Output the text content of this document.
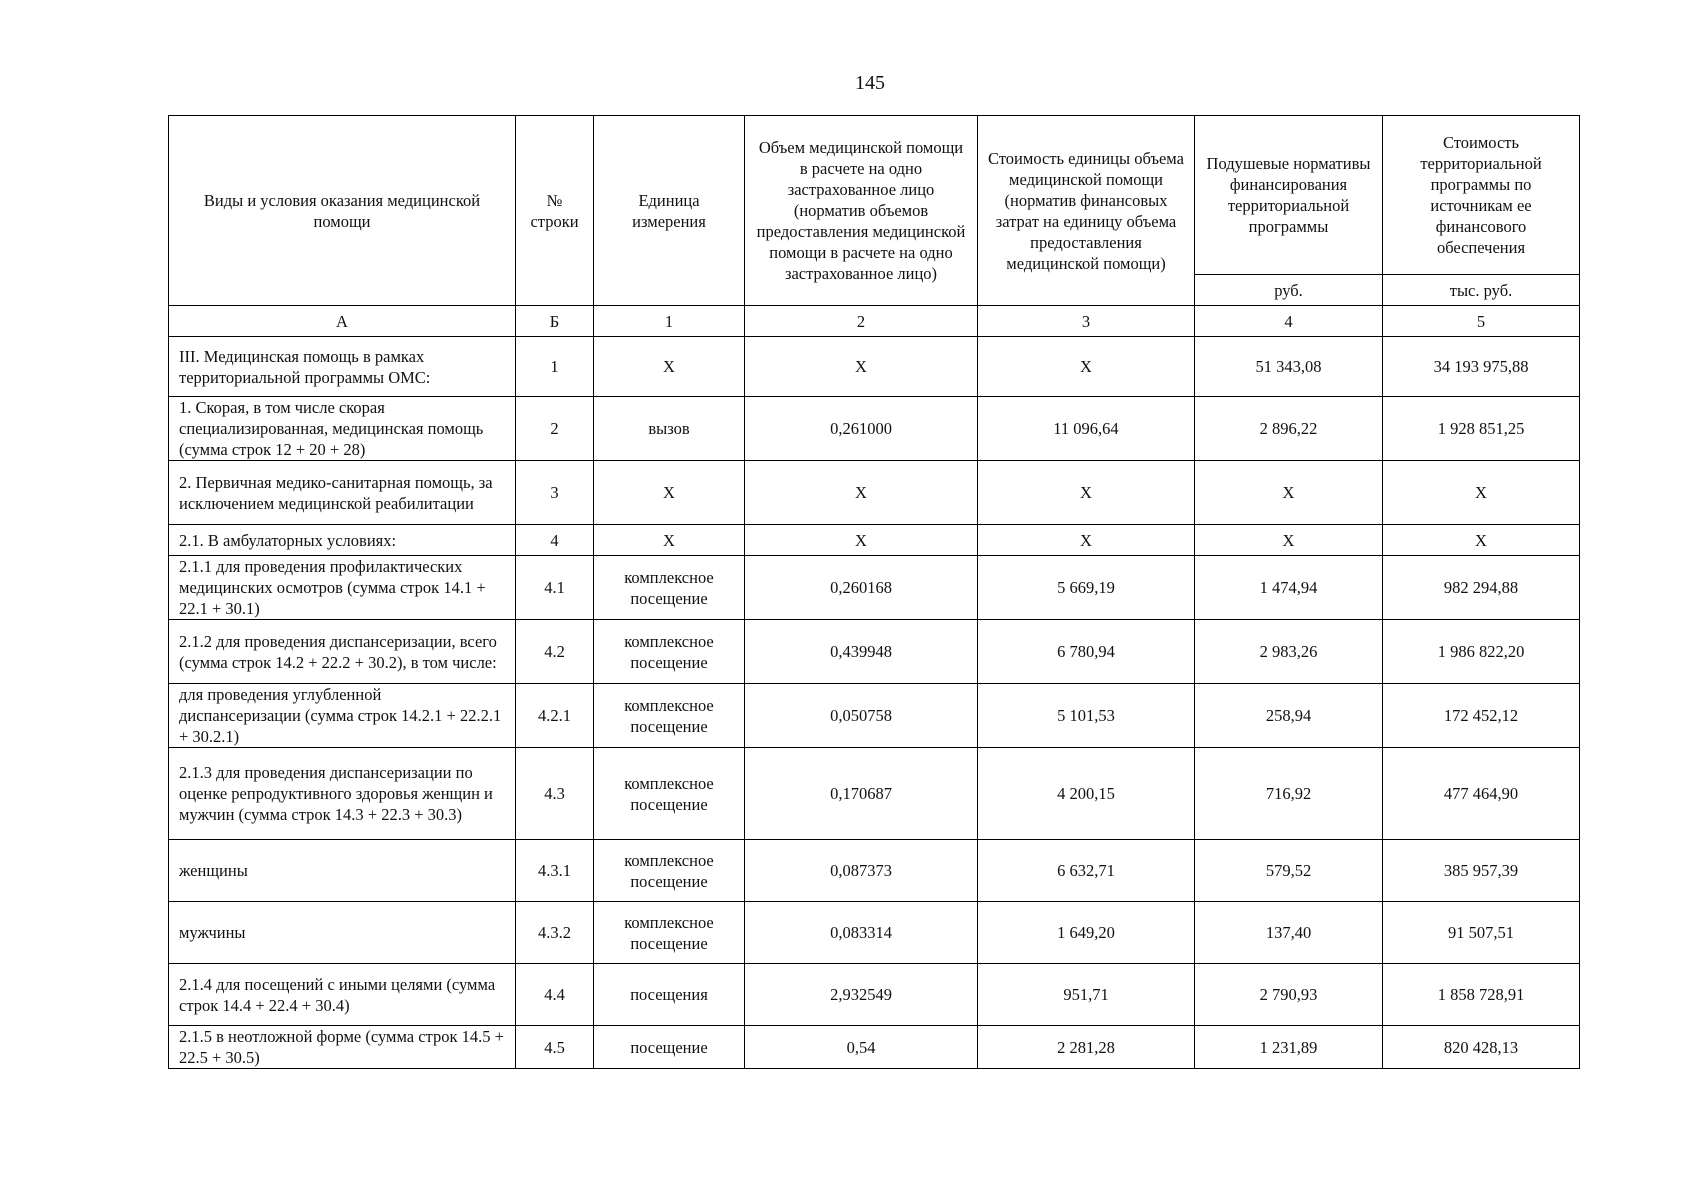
145
Виды и условия оказания медицинской помощи	№ строки	Единица измерения	Объем медицинской помощи в расчете на одно застрахованное лицо (норматив объемов предоставления медицинской помощи в расчете на одно застрахованное лицо)	Стоимость единицы объема медицинской помощи (норматив финансовых затрат на единицу объема предоставления медицинской помощи)	Подушевые нормативы финансирования территориальной программы	Стоимость территориальной программы по источникам ее финансового обеспечения
					руб.	тыс. руб.
А	Б	1	2	3	4	5
III. Медицинская помощь в рамках территориальной программы ОМС:	1	Х	Х	Х	51 343,08	34 193 975,88
1. Скорая, в том числе скорая специализированная, медицинская помощь (сумма строк 12 + 20 + 28)	2	вызов	0,261000	11 096,64	2 896,22	1 928 851,25
2. Первичная медико-санитарная помощь, за исключением медицинской реабилитации	3	Х	Х	Х	Х	Х
2.1. В амбулаторных условиях:	4	Х	Х	Х	Х	Х
2.1.1 для проведения профилактических медицинских осмотров (сумма строк 14.1 + 22.1 + 30.1)	4.1	комплексное посещение	0,260168	5 669,19	1 474,94	982 294,88
2.1.2 для проведения диспансеризации, всего (сумма строк 14.2 + 22.2 + 30.2), в том числе:	4.2	комплексное посещение	0,439948	6 780,94	2 983,26	1 986 822,20
для проведения углубленной диспансеризации (сумма строк 14.2.1 + 22.2.1 + 30.2.1)	4.2.1	комплексное посещение	0,050758	5 101,53	258,94	172 452,12
2.1.3 для проведения диспансеризации по оценке репродуктивного здоровья женщин и мужчин (сумма строк 14.3 + 22.3 + 30.3)	4.3	комплексное посещение	0,170687	4 200,15	716,92	477 464,90
женщины	4.3.1	комплексное посещение	0,087373	6 632,71	579,52	385 957,39
мужчины	4.3.2	комплексное посещение	0,083314	1 649,20	137,40	91 507,51
2.1.4 для посещений с иными целями (сумма строк 14.4 + 22.4 + 30.4)	4.4	посещения	2,932549	951,71	2 790,93	1 858 728,91
2.1.5 в неотложной форме (сумма строк 14.5 + 22.5 + 30.5)	4.5	посещение	0,54	2 281,28	1 231,89	820 428,13
